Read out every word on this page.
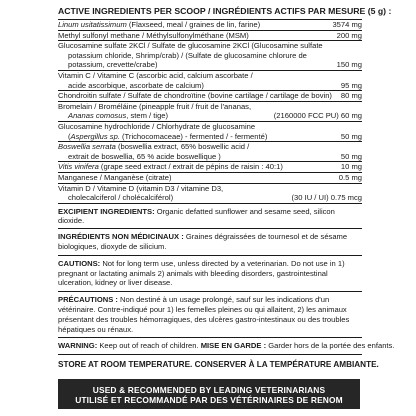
ACTIVE INGREDIENTS PER SCOOP / INGRÉDIENTS ACTIFS PAR MESURE (5 g) :
Linum usitatissimum (Flaxseed, meal / graines de lin, farine)	3574 mg
Methyl sulfonyl methane / Méthylsulfonylméthane (MSM)	200 mg
Glucosamine sulfate 2KCl / Sulfate de glucosamine 2KCl (Glucosamine sulfate
potassium chloride, Shrimp/crab) / (Sulfate de glucosamine chlorure de
potassium, crevette/crabe)	150 mg
Vitamin C / Vitamine C (ascorbic acid, calcium ascorbate /
acide ascorbique, ascorbate de calcium)	95 mg
Chondroitin sulfate / Sulfate de chondroïtine (bovine cartilage / cartilage de bovin)	80 mg
Bromelain / Broméláine (pineapple fruit / fruit de l'ananas,
Ananas comosus, stem / tige)	(2160000 FCC PU) 60 mg
Glucosamine hydrochloride / Chlorhydrate de glucosamine
(Aspergillus sp. (Trichocomaceae) - fermented / - fermenté)	50 mg
Boswellia serrata (boswellia extract, 65% boswellic acid /
extrait de boswellia, 65 % acide boswellique )	50 mg
Vitis vinifera (grape seed extract / extrait de pépins de raisin : 40:1)	10 mg
Manganese / Manganèse (citrate)	0.5 mg
Vitamin D / Vitamine D (vitamin D3 / vitamine D3,
cholecalciferol / cholécalciférol)	(30 IU / UI) 0.75 mcg
EXCIPIENT INGREDIENTS: Organic defatted sunflower and sesame seed, silicon dioxide.
INGRÉDIENTS NON MÉDICINAUX : Graines dégraissées de tournesol et de sésame biologiques, dioxyde de silicium.
CAUTIONS: Not for long term use, unless directed by a veterinarian. Do not use in 1) pregnant or lactating animals 2) animals with bleeding disorders, gastrointestinal ulceration, kidney or liver disease.
PRÉCAUTIONS : Non destiné à un usage prolongé, sauf sur les indications d'un vétérinaire. Contre-indiqué pour 1) les femelles pleines ou qui allaitent, 2) les animaux présentant des troubles hémorragiques, des ulcères gastro-intestinaux ou des troubles hépatiques ou rénaux.
WARNING: Keep out of reach of children. MISE EN GARDE : Garder hors de la portée des enfants.
STORE AT ROOM TEMPERATURE. CONSERVER À LA TEMPÉRATURE AMBIANTE.
USED & RECOMMENDED BY LEADING VETERINARIANS
UTILISÉ ET RECOMMANDÉ PAR DES VÉTÉRINAIRES DE RENOM
